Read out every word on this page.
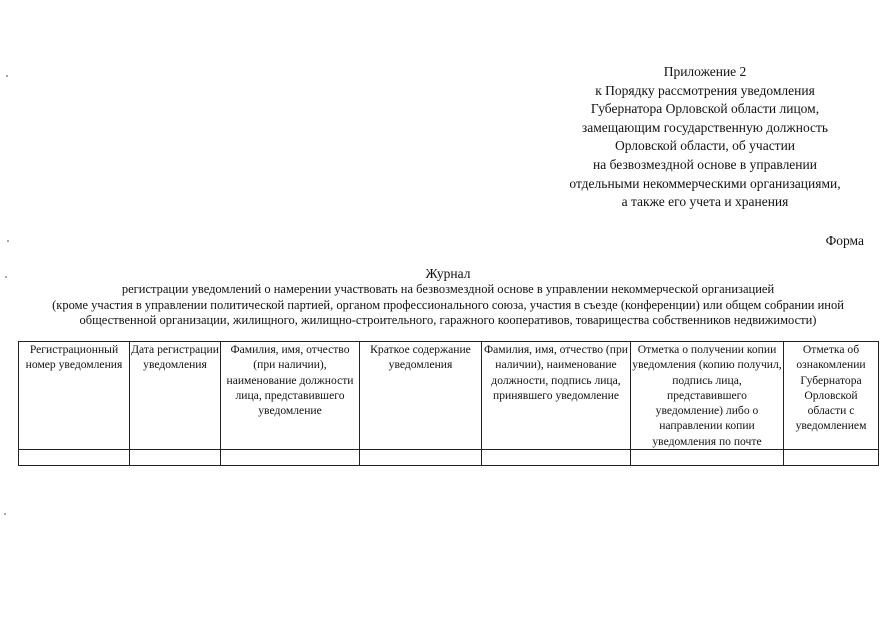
Приложение 2
к Порядку рассмотрения уведомления
Губернатора Орловской области лицом,
замещающим государственную должность
Орловской области, об участии
на безвозмездной основе в управлении
отдельными некоммерческими организациями,
а также его учета и хранения
Форма
Журнал
регистрации уведомлений о намерении участвовать на безвозмездной основе в управлении некоммерческой организацией
(кроме участия в управлении политической партией, органом профессионального союза, участия в съезде (конференции) или общем собрании иной
общественной организации, жилищного, жилищно-строительного, гаражного кооперативов, товарищества собственников недвижимости)
Регистрационный номер уведомления	Дата регистрации уведомления	Фамилия, имя, отчество (при наличии), наименование должности лица, представившего уведомление	Краткое содержание уведомления	Фамилия, имя, отчество (при наличии), наименование должности, подпись лица, принявшего уведомление	Отметка о получении копии уведомления (копию получил, подпись лица, представившего уведомление) либо о направлении копии уведомления по почте	Отметка об ознакомлении Губернатора Орловской области с уведомлением
